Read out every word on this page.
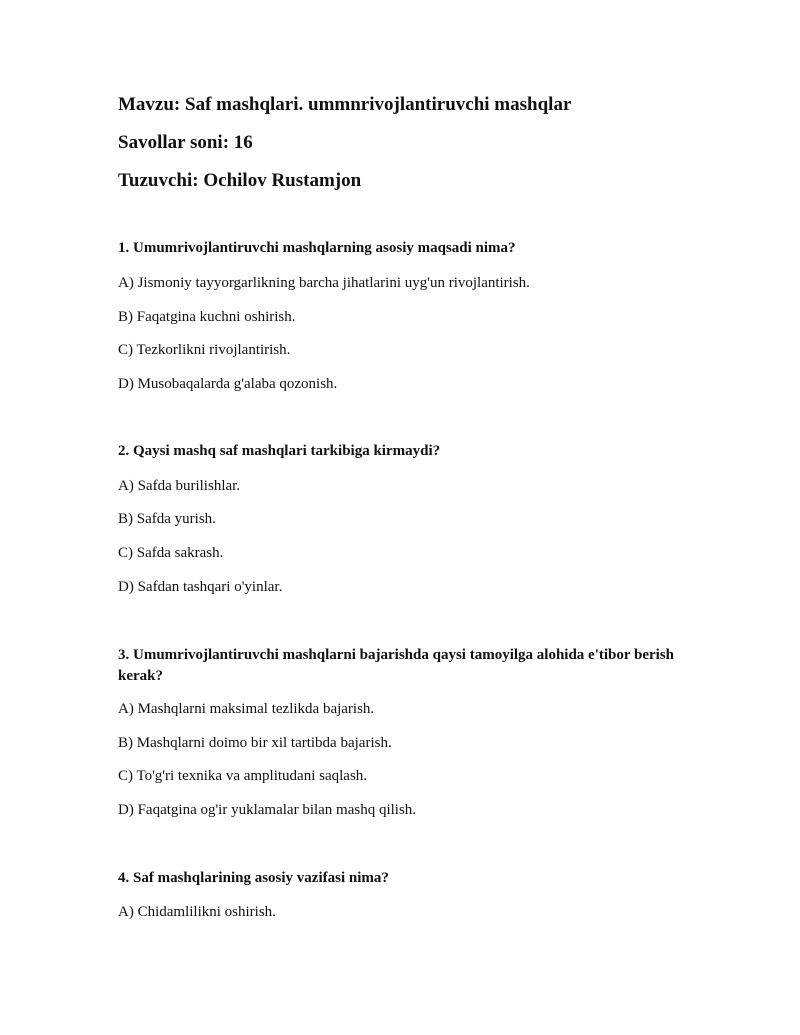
Mavzu: Saf mashqlari. ummnrivojlantiruvchi mashqlar
Savollar soni: 16
Tuzuvchi: Ochilov Rustamjon
1. Umumrivojlantiruvchi mashqlarning asosiy maqsadi nima?
A) Jismoniy tayyorgarlikning barcha jihatlarini uyg'un rivojlantirish.
B) Faqatgina kuchni oshirish.
C) Tezkorlikni rivojlantirish.
D) Musobaqalarda g'alaba qozonish.
2. Qaysi mashq saf mashqlari tarkibiga kirmaydi?
A) Safda burilishlar.
B) Safda yurish.
C) Safda sakrash.
D) Safdan tashqari o'yinlar.
3. Umumrivojlantiruvchi mashqlarni bajarishda qaysi tamoyilga alohida e'tibor berish kerak?
A) Mashqlarni maksimal tezlikda bajarish.
B) Mashqlarni doimo bir xil tartibda bajarish.
C) To'g'ri texnika va amplitudani saqlash.
D) Faqatgina og'ir yuklamalar bilan mashq qilish.
4. Saf mashqlarining asosiy vazifasi nima?
A) Chidamlilikni oshirish.
